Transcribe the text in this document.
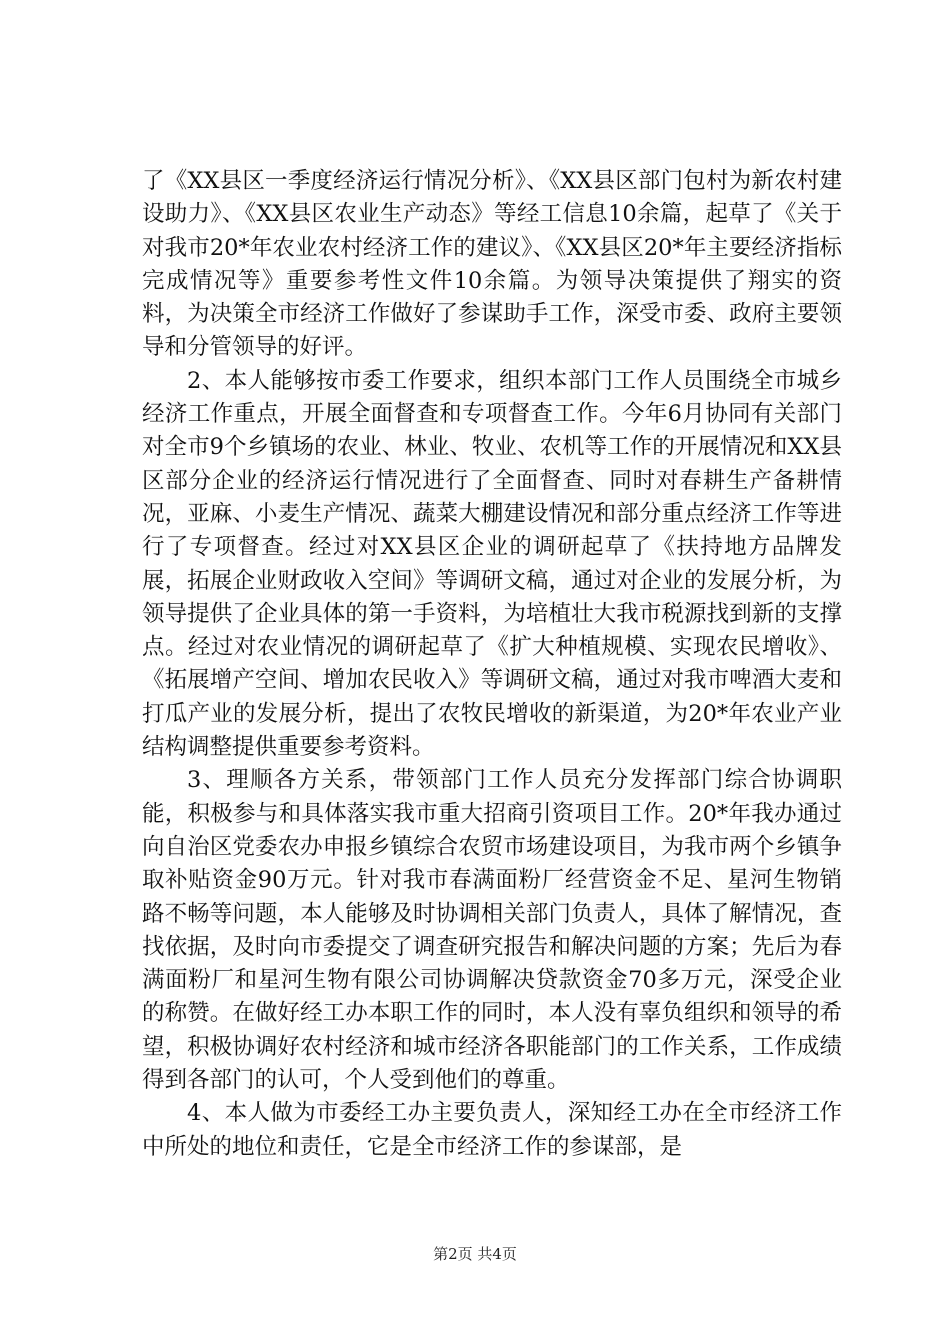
了《XX县区一季度经济运行情况分析》、《XX县区部门包村为新农村建设助力》、《XX县区农业生产动态》等经工信息10余篇，起草了《关于对我市20*年农业农村经济工作的建议》、《XX县区20*年主要经济指标完成情况等》重要参考性文件10余篇。为领导决策提供了翔实的资料，为决策全市经济工作做好了参谋助手工作，深受市委、政府主要领导和分管领导的好评。

2、本人能够按市委工作要求，组织本部门工作人员围绕全市城乡经济工作重点，开展全面督查和专项督查工作。今年6月协同有关部门对全市9个乡镇场的农业、林业、牧业、农机等工作的开展情况和XX县区部分企业的经济运行情况进行了全面督查、同时对春耕生产备耕情况，亚麻、小麦生产情况、蔬菜大棚建设情况和部分重点经济工作等进行了专项督查。经过对XX县区企业的调研起草了《扶持地方品牌发展，拓展企业财政收入空间》等调研文稿，通过对企业的发展分析，为领导提供了企业具体的第一手资料，为培植壮大我市税源找到新的支撑点。经过对农业情况的调研起草了《扩大种植规模、实现农民增收》、《拓展增产空间、增加农民收入》等调研文稿，通过对我市啤酒大麦和打瓜产业的发展分析，提出了农牧民增收的新渠道，为20*年农业产业结构调整提供重要参考资料。

3、理顺各方关系，带领部门工作人员充分发挥部门综合协调职能，积极参与和具体落实我市重大招商引资项目工作。20*年我办通过向自治区党委农办申报乡镇综合农贸市场建设项目，为我市两个乡镇争取补贴资金90万元。针对我市春满面粉厂经营资金不足、星河生物销路不畅等问题，本人能够及时协调相关部门负责人，具体了解情况，查找依据，及时向市委提交了调查研究报告和解决问题的方案；先后为春满面粉厂和星河生物有限公司协调解决贷款资金70多万元，深受企业的称赞。在做好经工办本职工作的同时，本人没有辜负组织和领导的希望，积极协调好农村经济和城市经济各职能部门的工作关系，工作成绩得到各部门的认可，个人受到他们的尊重。

4、本人做为市委经工办主要负责人，深知经工办在全市经济工作中所处的地位和责任，它是全市经济工作的参谋部，是

第2页 共4页
